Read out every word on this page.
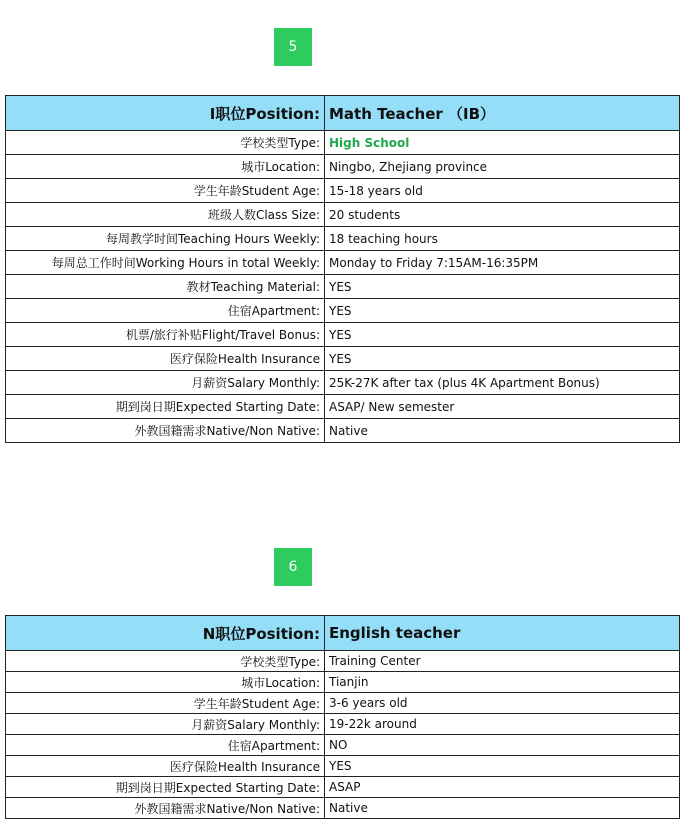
5
I职位Position:	Math Teacher （IB）
学校类型Type:	High School
城市Location:	Ningbo, Zhejiang province
学生年龄Student Age:	15-18 years old
班级人数Class Size:	20 students
每周教学时间Teaching Hours Weekly:	18 teaching hours
每周总工作时间Working Hours in total Weekly:	Monday to Friday 7:15AM-16:35PM
教材Teaching Material:	YES
住宿Apartment:	YES
机票/旅行补贴Flight/Travel Bonus:	YES
医疗保险Health Insurance	YES
月薪资Salary Monthly:	25K-27K after tax (plus 4K Apartment Bonus)
期到岗日期Expected Starting Date:	ASAP/ New semester
外教国籍需求Native/Non Native:	Native
6
N职位Position:	English teacher
学校类型Type:	Training Center
城市Location:	Tianjin
学生年龄Student Age:	3-6 years old
月薪资Salary Monthly:	19-22k around
住宿Apartment:	NO
医疗保险Health Insurance	YES
期到岗日期Expected Starting Date:	ASAP
外教国籍需求Native/Non Native:	Native
